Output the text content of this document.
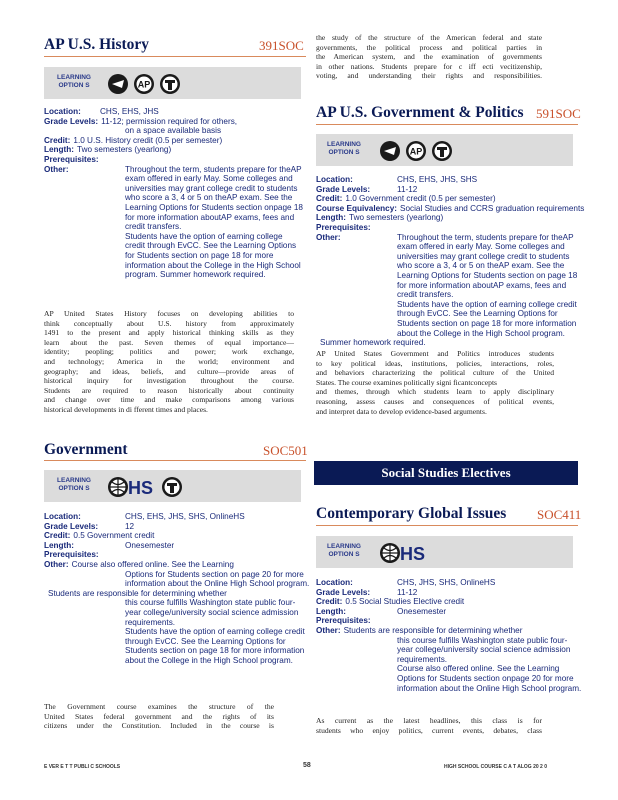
AP U.S. History	391SOC
LEARNING
OPTION S	AP
Location: CHS, EHS, JHS
Grade Levels: 11-12; permission required for others,
on a space available basis
Credit: 1.0 U.S. History credit (0.5 per semester)
Length: Two semesters (yearlong)
Prerequisites:
Other:	Throughout the term, students prepare for theAP
exam offered in early May. Some colleges and
universities may grant college credit to students
who score a 3, 4 or 5 on theAP exam. See the
Learning Options for Students section onpage 18
for more information aboutAP exams, fees and
credit transfers.
Students have the option of earning college
credit through EvCC. See the Learning Options
for Students section on page 18 for more
information about the College in the High School
program. Summer homework required.
AP United States History focuses on developing abilities to
think conceptually about U.S. history from approximately
1491 to the present and apply historical thinking skills as they
learn about the past. Seven themes of equal importance—
identity; peopling; politics and power; work exchange,
and technology; America in the world; environment and
geography; and ideas, beliefs, and culture—provide areas of
historical inquiry for investigation throughout the course.
Students are required to reason historically about continuity
and change over time and make comparisons among various
historical developments in di fferent times and places.
Government	SOC501
LEARNING
OPTION S HS
Location:	CHS, EHS, JHS, SHS, OnlineHS
Grade Levels:	12
Credit: 0.5 Government credit
Length:	Onesemester
Prerequisites:
Other: Course also offered online. See the Learning
Options for Students section on page 20 for more
information about the Online High School program.
Students are responsible for determining whether
this course fulfills Washington state public four-
year college/university social science admission
requirements.
Students have the option of earning college credit
through EvCC. See the Learning Options for
Students section on page 18 for more information
about the College in the High School program.
The Government course examines the structure of the
United States federal government and the rights of its
citizens under the Constitution. Included in the course is
the study of the structure of the American federal and state
governments, the political process and political parties in
the American system, and the examination of governments
in other nations. Students prepare for c iff ecti vecitizenship,
voting, and understanding their rights and responsibilities.
AP U.S. Government & Politics 591SOC
LEARNING
OPTION S	AP
Location:	CHS, EHS, JHS, SHS
Grade Levels:	11-12
Credit: 1.0 Government credit (0.5 per semester)
Course Equivalency: Social Studies and CCRS graduation requirements
Length: Two semesters (yearlong)
Prerequisites:
Other:	Throughout the term, students prepare for theAP
exam offered in early May. Some colleges and
universities may grant college credit to students
who score a 3, 4 or 5 on theAP exam. See the
Learning Options for Students section on page 18
for more information aboutAP exams, fees and
credit transfers.
Students have the option of earning college credit
through EvCC. See the Learning Options for
Students section on page 18 for more information
about the College in the High School program.
Summer homework required.
AP United States Government and Politics introduces students
to key political ideas, institutions, policies, interactions, roles,
and behaviors characterizing the political culture of the United
States. The course examines politically signi ficantconcepts
and themes, through which students learn to apply disciplinary
reasoning, assess causes and consequences of political events,
and interpret data to develop evidence-based arguments.
Social Studies Electives
Contemporary Global Issues SOC411
LEARNING
OPTION S HS
Location:	CHS, JHS, SHS, OnlineHS
Grade Levels:	11-12
Credit: 0.5 Social Studies Elective credit
Length:	Onesemester
Prerequisites:
Other: Students are responsible for determining whether
this course fulfills Washington state public four-
year college/university social science admission
requirements.
Course also offered online. See the Learning
Options for Students section onpage 20 for more
information about the Online High School program.
As current as the latest headlines, this class is for
students who enjoy politics, current events, debates, class
E VER E T T PUBLI C SCHOOLS	58	HIGH SCHOOL COURSE C A T ALOG 20 2 0
